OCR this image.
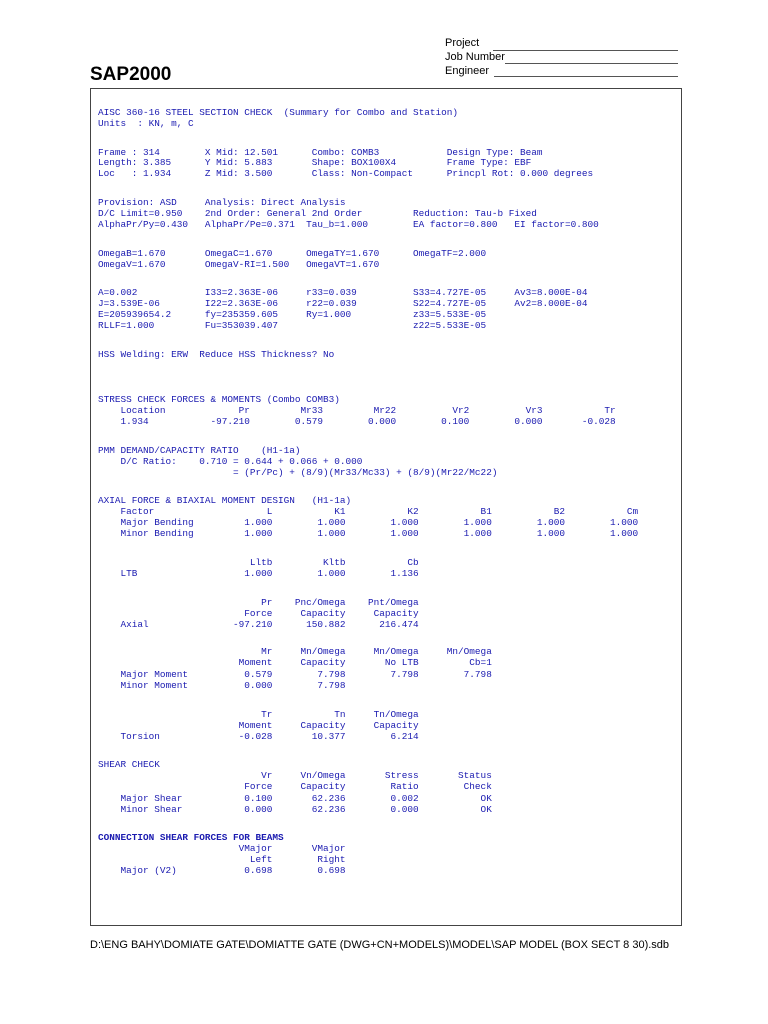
SAP2000
Project
Job Number
Engineer
AISC 360-16 STEEL SECTION CHECK  (Summary for Combo and Station)
Units  : KN, m, C
Frame : 314        X Mid: 12.501      Combo: COMB3            Design Type: Beam
Length: 3.385      Y Mid: 5.883       Shape: BOX100X4         Frame Type: EBF
Loc   : 1.934      Z Mid: 3.500       Class: Non-Compact      Princpl Rot: 0.000 degrees
Provision: ASD     Analysis: Direct Analysis
D/C Limit=0.950    2nd Order: General 2nd Order         Reduction: Tau-b Fixed
AlphaPr/Py=0.430   AlphaPr/Pe=0.371  Tau_b=1.000        EA factor=0.800   EI factor=0.800
OmegaB=1.670       OmegaC=1.670      OmegaTY=1.670      OmegaTF=2.000
OmegaV=1.670       OmegaV-RI=1.500   OmegaVT=1.670
A=0.002            I33=2.363E-06     r33=0.039          S33=4.727E-05     Av3=8.000E-04
J=3.539E-06        I22=2.363E-06     r22=0.039          S22=4.727E-05     Av2=8.000E-04
E=205939654.2      fy=235359.605     Ry=1.000           z33=5.533E-05
RLLF=1.000         Fu=353039.407                        z22=5.533E-05
HSS Welding: ERW  Reduce HSS Thickness? No
STRESS CHECK FORCES & MOMENTS (Combo COMB3)
Location             Pr         Mr33         Mr22          Vr2          Vr3           Tr
1.934           -97.210        0.579        0.000        0.100        0.000       -0.028
PMM DEMAND/CAPACITY RATIO    (H1-1a)
D/C Ratio:    0.710 = 0.644 + 0.066 + 0.000
= (Pr/Pc) + (8/9)(Mr33/Mc33) + (8/9)(Mr22/Mc22)
AXIAL FORCE & BIAXIAL MOMENT DESIGN   (H1-1a)
Factor                    L           K1           K2           B1           B2           Cm
Major Bending         1.000        1.000        1.000        1.000        1.000        1.000
Minor Bending         1.000        1.000        1.000        1.000        1.000        1.000
Lltb         Kltb           Cb
LTB                   1.000        1.000        1.136
Pr    Pnc/Omega    Pnt/Omega
Force     Capacity     Capacity
Axial               -97.210      150.882      216.474
Mr     Mn/Omega     Mn/Omega     Mn/Omega
Moment     Capacity       No LTB         Cb=1
Major Moment          0.579        7.798        7.798        7.798
Minor Moment          0.000        7.798
Tr           Tn     Tn/Omega
Moment     Capacity     Capacity
Torsion              -0.028       10.377        6.214
SHEAR CHECK
Vr     Vn/Omega       Stress       Status
Force     Capacity        Ratio        Check
Major Shear           0.100       62.236        0.002           OK
Minor Shear           0.000       62.236        0.000           OK
CONNECTION SHEAR FORCES FOR BEAMS
VMajor       VMajor
Left        Right
Major (V2)            0.698        0.698
D:\ENG BAHY\DOMIATE GATE\DOMIATTE GATE (DWG+CN+MODELS)\MODEL\SAP MODEL (BOX SECT 8 30).sdb
